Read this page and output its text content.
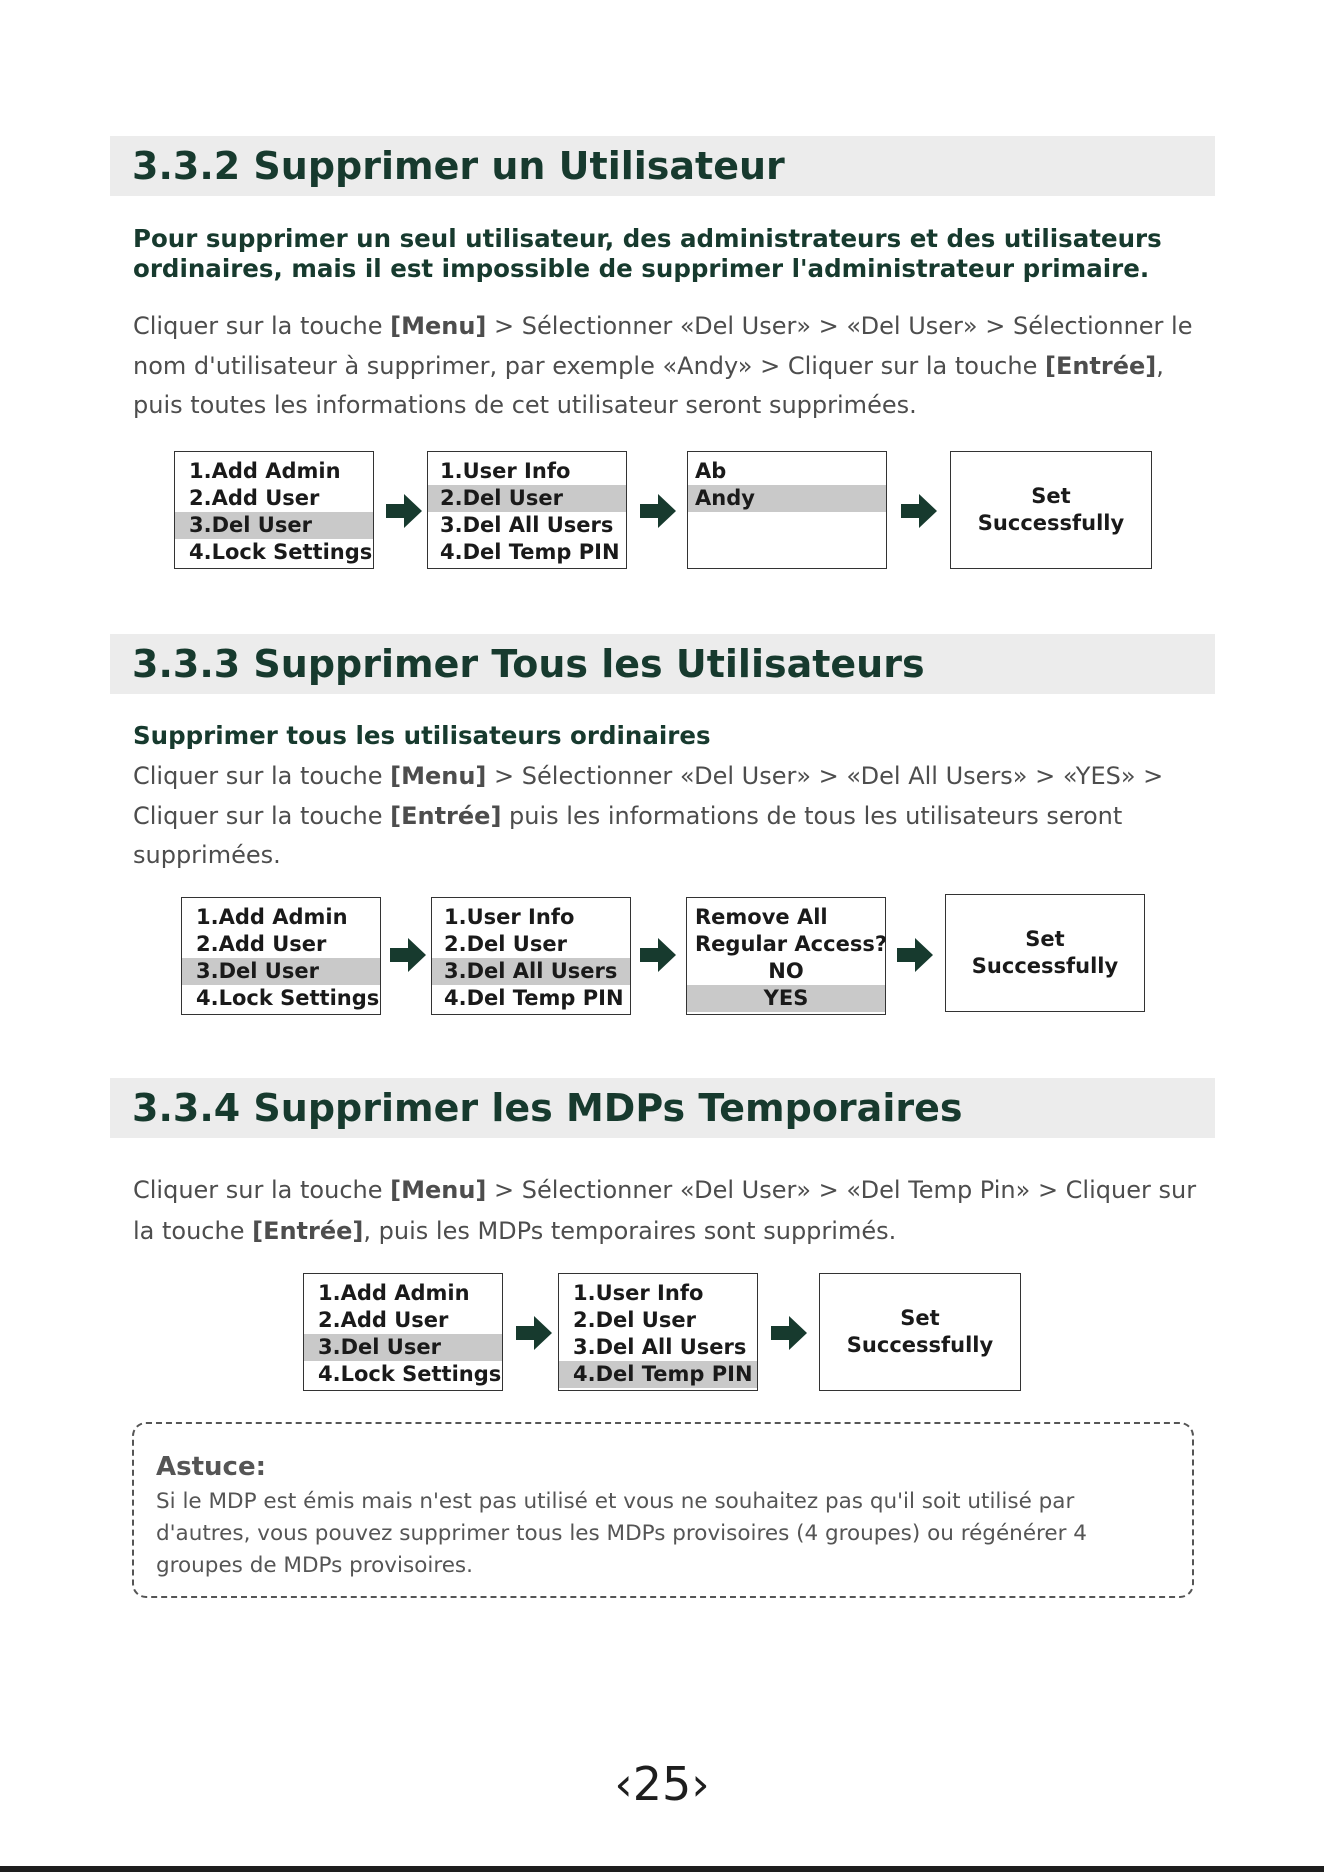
3.3.2 Supprimer un Utilisateur

Pour supprimer un seul utilisateur, des administrateurs et des utilisateurs
ordinaires, mais il est impossible de supprimer l'administrateur primaire.

Cliquer sur la touche [Menu] > Sélectionner «Del User» > «Del User» > Sélectionner le
nom d'utilisateur à supprimer, par exemple «Andy» > Cliquer sur la touche [Entrée],
puis toutes les informations de cet utilisateur seront supprimées.

1.Add Admin
2.Add User
3.Del User
4.Lock Settings
1.User Info
2.Del User
3.Del All Users
4.Del Temp PIN
Ab
Andy	Set
Successfully
3.3.3 Supprimer Tous les Utilisateurs

Supprimer tous les utilisateurs ordinaires

Cliquer sur la touche [Menu] > Sélectionner «Del User» > «Del All Users» > «YES» >
Cliquer sur la touche [Entrée] puis les informations de tous les utilisateurs seront
supprimées.

1.Add Admin
2.Add User
3.Del User
4.Lock Settings
1.User Info
2.Del User
3.Del All Users
4.Del Temp PIN
Remove All
Regular Access?
NO
YES
Set
Successfully
3.3.4 Supprimer les MDPs Temporaires

Cliquer sur la touche [Menu] > Sélectionner «Del User» > «Del Temp Pin» > Cliquer sur
la touche [Entrée], puis les MDPs temporaires sont supprimés.

1.Add Admin
2.Add User
3.Del User
4.Lock Settings
1.User Info
2.Del User
3.Del All Users
4.Del Temp PIN
Set
Successfully

Astuce:

Si le MDP est émis mais n'est pas utilisé et vous ne souhaitez pas qu'il soit utilisé par
d'autres, vous pouvez supprimer tous les MDPs provisoires (4 groupes) ou régénérer 4
groupes de MDPs provisoires.

‹25›
